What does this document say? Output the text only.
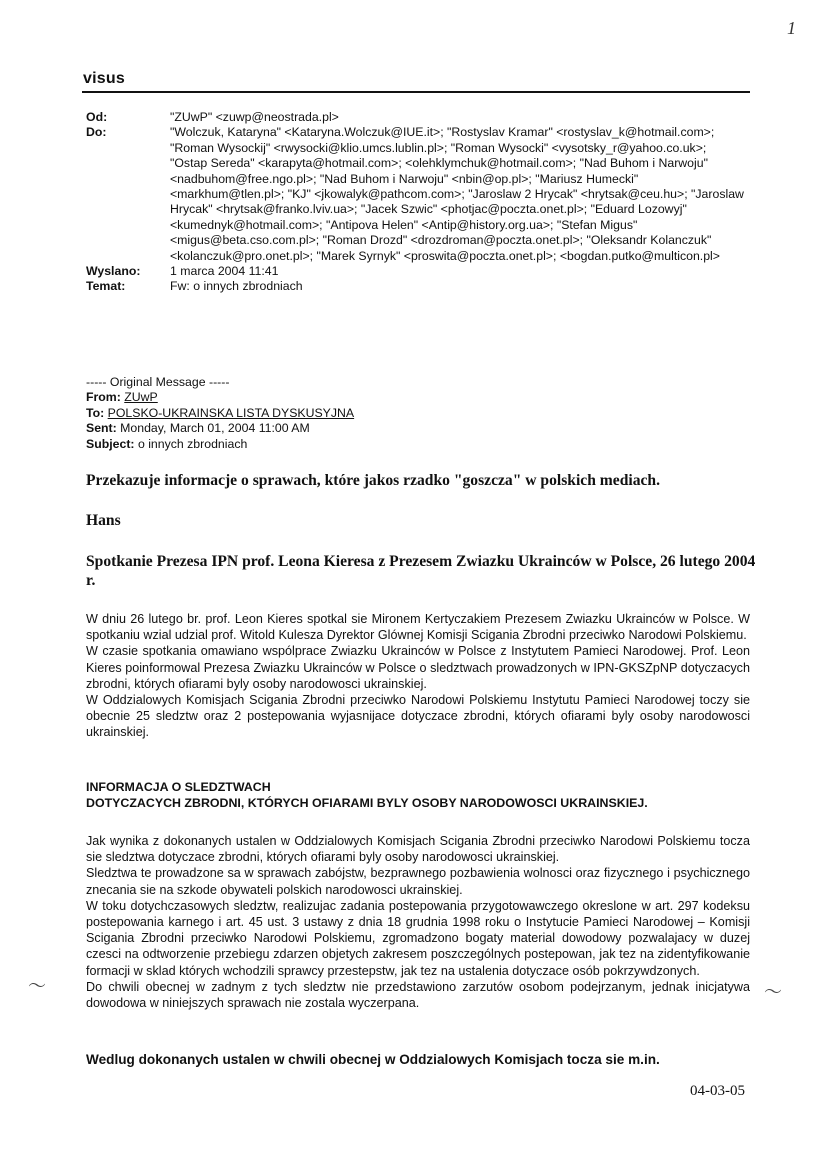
1
visus
Od:	"ZUwP" <zuwp@neostrada.pl>
Do:	"Wolczuk, Kataryna" <Kataryna.Wolczuk@IUE.it>; "Rostyslav Kramar" <rostyslav_k@hotmail.com>; "Roman Wysockij" <rwysocki@klio.umcs.lublin.pl>; "Roman Wysocki" <vysotsky_r@yahoo.co.uk>; "Ostap Sereda" <karapyta@hotmail.com>; <olehklymchuk@hotmail.com>; "Nad Buhom i Narwoju" <nadbuhom@free.ngo.pl>; "Nad Buhom i Narwoju" <nbin@op.pl>; "Mariusz Humecki" <markhum@tlen.pl>; "KJ" <jkowalyk@pathcom.com>; "Jaroslaw 2 Hrycak" <hrytsak@ceu.hu>; "Jaroslaw Hrycak" <hrytsak@franko.lviv.ua>; "Jacek Szwic" <photjac@poczta.onet.pl>; "Eduard Lozowyj" <kumednyk@hotmail.com>; "Antipova Helen" <Antip@history.org.ua>; "Stefan Migus" <migus@beta.cso.com.pl>; "Roman Drozd" <drozdroman@poczta.onet.pl>; "Oleksandr Kolanczuk" <kolanczuk@pro.onet.pl>; "Marek Syrnyk" <proswita@poczta.onet.pl>; <bogdan.putko@multicon.pl>
Wyslano:	1 marca 2004 11:41
Temat:	Fw: o innych zbrodniach
----- Original Message -----
From: ZUwP
To: POLSKO-UKRAINSKA LISTA DYSKUSYJNA
Sent: Monday, March 01, 2004 11:00 AM
Subject: o innych zbrodniach
Przekazuje informacje o sprawach, które jakos rzadko "goszcza" w polskich mediach.
Hans
Spotkanie Prezesa IPN prof. Leona Kieresa z Prezesem Zwiazku Ukrainców w Polsce, 26 lutego 2004 r.

W dniu 26 lutego br. prof. Leon Kieres spotkal sie Mironem Kertyczakiem Prezesem Zwiazku Ukrainców w Polsce. W spotkaniu wzial udzial prof. Witold Kulesza Dyrektor Glównej Komisji Scigania Zbrodni przeciwko Narodowi Polskiemu.

W czasie spotkania omawiano wspólprace Zwiazku Ukrainców w Polsce z Instytutem Pamieci Narodowej. Prof. Leon Kieres poinformowal Prezesa Zwiazku Ukrainców w Polsce o sledztwach prowadzonych w IPN-GKSZpNP dotyczacych zbrodni, których ofiarami byly osoby narodowosci ukrainskiej.

W Oddzialowych Komisjach Scigania Zbrodni przeciwko Narodowi Polskiemu Instytutu Pamieci Narodowej toczy sie obecnie 25 sledztw oraz 2 postepowania wyjasnijace dotyczace zbrodni, których ofiarami byly osoby narodowosci ukrainskiej.

INFORMACJA O SLEDZTWACH
DOTYCZACYCH ZBRODNI, KTÓRYCH OFIARAMI BYLY OSOBY NARODOWOSCI UKRAINSKIEJ.

Jak wynika z dokonanych ustalen w Oddzialowych Komisjach Scigania Zbrodni przeciwko Narodowi Polskiemu tocza sie sledztwa dotyczace zbrodni, których ofiarami byly osoby narodowosci ukrainskiej.

Sledztwa te prowadzone sa w sprawach zabójstw, bezprawnego pozbawienia wolnosci oraz fizycznego i psychicznego znecania sie na szkode obywateli polskich narodowosci ukrainskiej.

W toku dotychczasowych sledztw, realizujac zadania postepowania przygotowawczego okreslone w art. 297 kodeksu postepowania karnego i art. 45 ust. 3 ustawy z dnia 18 grudnia 1998 roku o Instytucie Pamieci Narodowej – Komisji Scigania Zbrodni przeciwko Narodowi Polskiemu, zgromadzono bogaty material dowodowy pozwalajacy w duzej czesci na odtworzenie przebiegu zdarzen objetych zakresem poszczególnych postepowan, jak tez na zidentyfikowanie formacji w sklad których wchodzili sprawcy przestepstw, jak tez na ustalenia dotyczace osób pokrzywdzonych.

Do chwili obecnej w zadnym z tych sledztw nie przedstawiono zarzutów osobom podejrzanym, jednak inicjatywa dowodowa w niniejszych sprawach nie zostala wyczerpana.

Wedlug dokonanych ustalen w chwili obecnej w Oddzialowych Komisjach tocza sie m.in.
04-03-05
〜	〜
